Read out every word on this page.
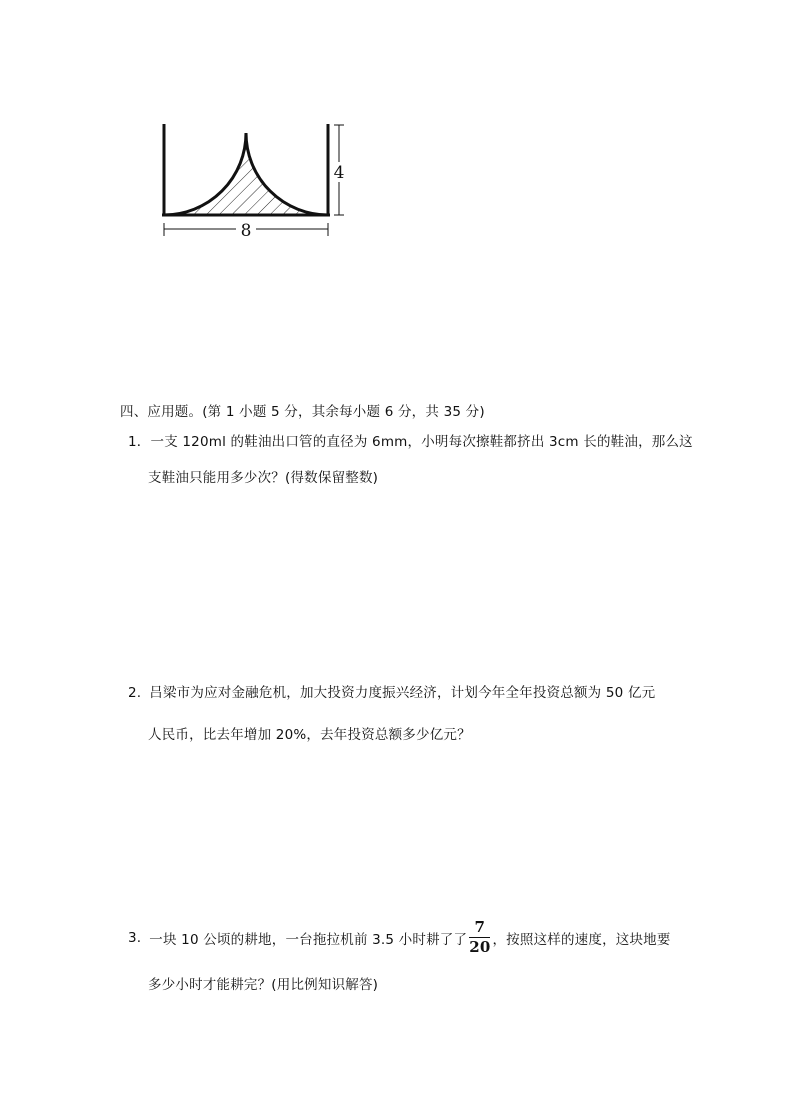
4
8
四、应用题。(第 1 小题 5 分，其余每小题 6 分，共 35 分)
1．一支 120ml 的鞋油出口管的直径为 6mm，小明每次擦鞋都挤出 3cm 长的鞋油，那么这
支鞋油只能用多少次？(得数保留整数)
2. 吕梁市为应对金融危机，加大投资力度振兴经济，计划今年全年投资总额为 50 亿元
人民币，比去年增加 20%，去年投资总额多少亿元？
3. 一块 10 公顷的耕地，一台拖拉机前 3.5 小时耕了了 $\frac{7}{20}$ ，按照这样的速度，这块地要
多少小时才能耕完？(用比例知识解答)
